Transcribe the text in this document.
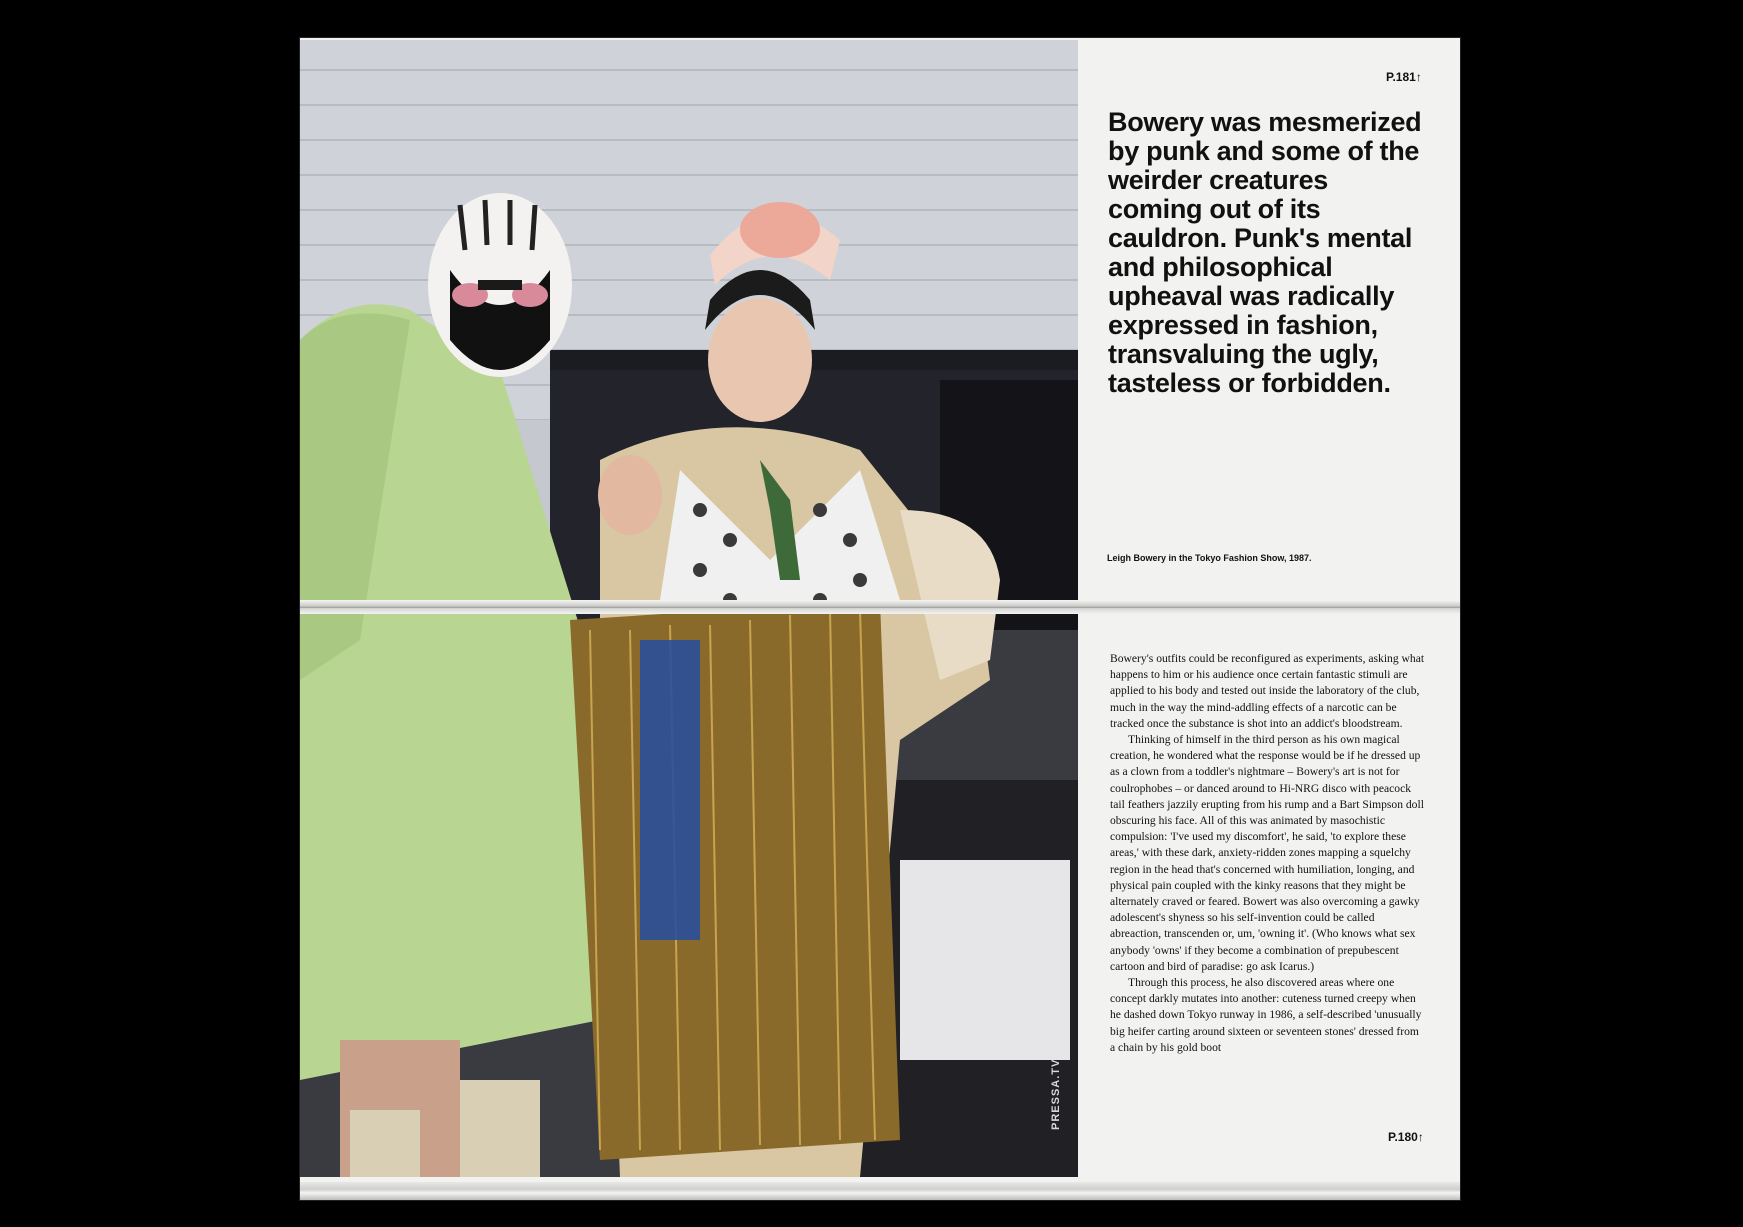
PRESSA.TV
P.181↑
Bowery was mesmerized by punk and some of the weirder creatures coming out of its cauldron. Punk's mental and philosophical upheaval was radically expressed in fashion, transvaluing the ugly, tasteless or forbidden.
Leigh Bowery in the Tokyo Fashion Show, 1987.

Bowery's outfits could be reconfigured as experiments, asking what happens to him or his audience once certain fantastic stimuli are applied to his body and tested out inside the laboratory of the club, much in the way the mind-addling effects of a narcotic can be tracked once the substance is shot into an addict's bloodstream.

Thinking of himself in the third person as his own magical creation, he wondered what the response would be if he dressed up as a clown from a toddler's nightmare – Bowery's art is not for coulrophobes – or danced around to Hi-NRG disco with peacock tail feathers jazzily erupting from his rump and a Bart Simpson doll obscuring his face. All of this was animated by masochistic compulsion: 'I've used my discomfort', he said, 'to explore these areas,' with these dark, anxiety-ridden zones mapping a squelchy region in the head that's concerned with humiliation, longing, and physical pain coupled with the kinky reasons that they might be alternately craved or feared. Bowert was also overcoming a gawky adolescent's shyness so his self-invention could be called abreaction, transcenden or, um, 'owning it'. (Who knows what sex anybody 'owns' if they become a combination of prepubescent cartoon and bird of paradise: go ask Icarus.)

Through this process, he also discovered areas where one concept darkly mutates into another: cuteness turned creepy when he dashed down Tokyo runway in 1986, a self-described 'unusually big heifer carting around sixteen or seventeen stones' dressed from a chain by his gold boot

P.180↑
